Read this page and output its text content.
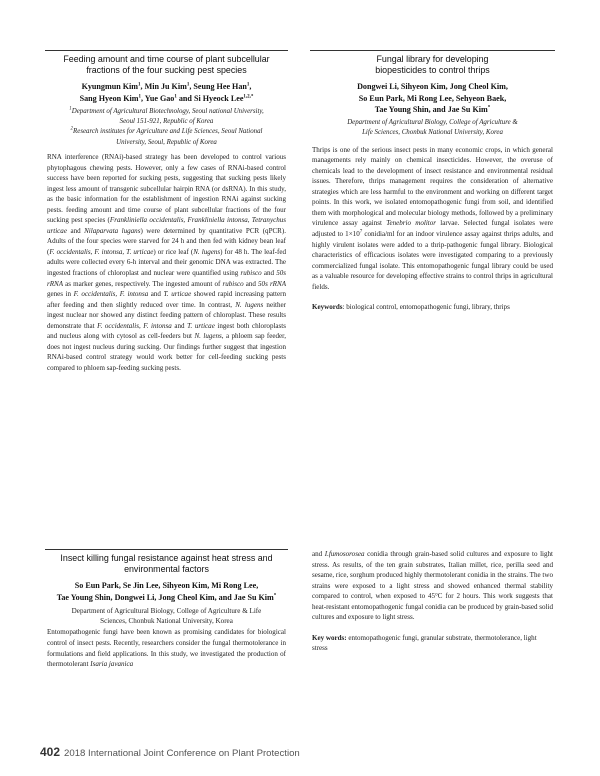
Feeding amount and time course of plant subcellular
fractions of the four sucking pest species

Kyungmun Kim$^1$, Min Ju Kim$^1$, Seung Hee Han$^1$,
Sang Hyeon Kim$^1$, Yue Gao$^1$ and Si Hyeock Lee$^{1,2,*}$
$^1$Department of Agricultural Biotechnology, Seoul national University,
Seoul 151-921, Republic of Korea
$^2$Research institutes for Agriculture and Life Sciences, Seoul National
University, Seoul, Republic of Korea
RNA interference (RNAi)-based strategy has been developed to control various phytophagous chewing pests. However, only a few cases of RNAi-based control success have been reported for sucking pests, suggesting that sucking pests likely ingest less amount of transgenic subcellular hairpin RNA (or dsRNA). In this study, as the basic information for the establishment of ingestion RNAi against sucking pests. feeding amount and time course of plant subcellular fractions of the four sucking pest species (Frankliniella occidentalis, Frankliniella intonsa, Tetranychus urticae and Nilaparvata lugans) were determined by quantitative PCR (qPCR). Adults of the four species were starved for 24 h and then fed with kidney bean leaf (F. occidentalis, F. intonsa, T. urticae) or rice leaf (N. lugens) for 48 h. The leaf-fed adults were collected every 6-h interval and their genomic DNA was extracted. The ingested fractions of chloroplast and nuclear were quantified using rubisco and 50s rRNA as marker genes, respectively. The ingested amount of rubisco and 50s rRNA genes in F. occidentalis, F. intonsa and T. urticae showed rapid increasing pattern after feeding and then slightly reduced over time. In contrast, N. lugens neither ingest nuclear nor showed any distinct feeding pattern of chloroplast. These results demonstrate that F. occidentalis, F. intonsa and T. urticae ingest both chloroplasts and nucleus along with cytosol as cell-feeders but N. lugens, a phloem sap feeder, does not ingest nucleus during sucking. Our findings further suggest that ingestion RNAi-based control strategy would work better for cell-feeding sucking pests compared to phloem sap-feeding sucking pests.

Fungal library for developing
biopesticides to control thrips

Dongwei Li, Sihyeon Kim, Jong Cheol Kim,
So Eun Park, Mi Rong Lee, Sehyeon Baek,
Tae Young Shin, and Jae Su Kim*
Department of Agricultural Biology, College of Agriculture &
Life Sciences, Chonbuk National University, Korea
Thrips is one of the serious insect pests in many economic crops, in which general managements rely mainly on chemical insecticides. However, the overuse of chemicals lead to the development of insect resistance and environmental residual issues. Therefore, thrips management requires the consideration of alternative strategies which are less harmful to the environment and working on different target points. In this work, we isolated entomopathogenic fungi from soil, and identified them with morphological and molecular biology methods, followed by a preliminary virulence assay against Tenebrio molitor larvae. Selected fungal isolates were adjusted to $1\times 10^7$ conidia/ml for an indoor virulence assay against thrips adults, and highly virulent isolates were added to a thrip-pathogenic fungal library. Biological characteristics of efficacious isolates were investigated comparing to a previously commercialized fungal isolate. This entomopathogenic fungal library could be used as a valuable resource for developing effective strains to control thrips in agricultural fields.
Keywords: biological control, entomopathogenic fungi, library, thrips

Insect killing fungal resistance against heat stress and
environmental factors

So Eun Park, Se Jin Lee, Sihyeon Kim, Mi Rong Lee,
Tae Young Shin, Dongwei Li, Jong Cheol Kim, and Jae Su Kim*
Department of Agricultural Biology, College of Agriculture & Life
Sciences, Chonbuk National University, Korea
Entomopathogenic fungi have been known as promising candidates for biological control of insect pests. Recently, researchers consider the fungal thermotolerance in formulations and field applications. In this study, we investigated the production of thermotolerant Isaria javanica
and I.fumosorosea conidia through grain-based solid cultures and exposure to light stress. As results, of the ten grain substrates, Italian millet, rice, perilla seed and sesame, rice, sorghum produced highly thermotolerant conidia in the strains. The two strains were exposed to a light stress and showed enhanced thermal stability compared to control, when exposed to 45°C for 2 hours. This work suggests that heat-resistant entomopathogenic fungal conidia can be produced by grain-based solid cultures and exposure to light stress.
Key words: entomopathogenic fungi, granular substrate, thermotolerance, light stress
402 2018 International Joint Conference on Plant Protection
